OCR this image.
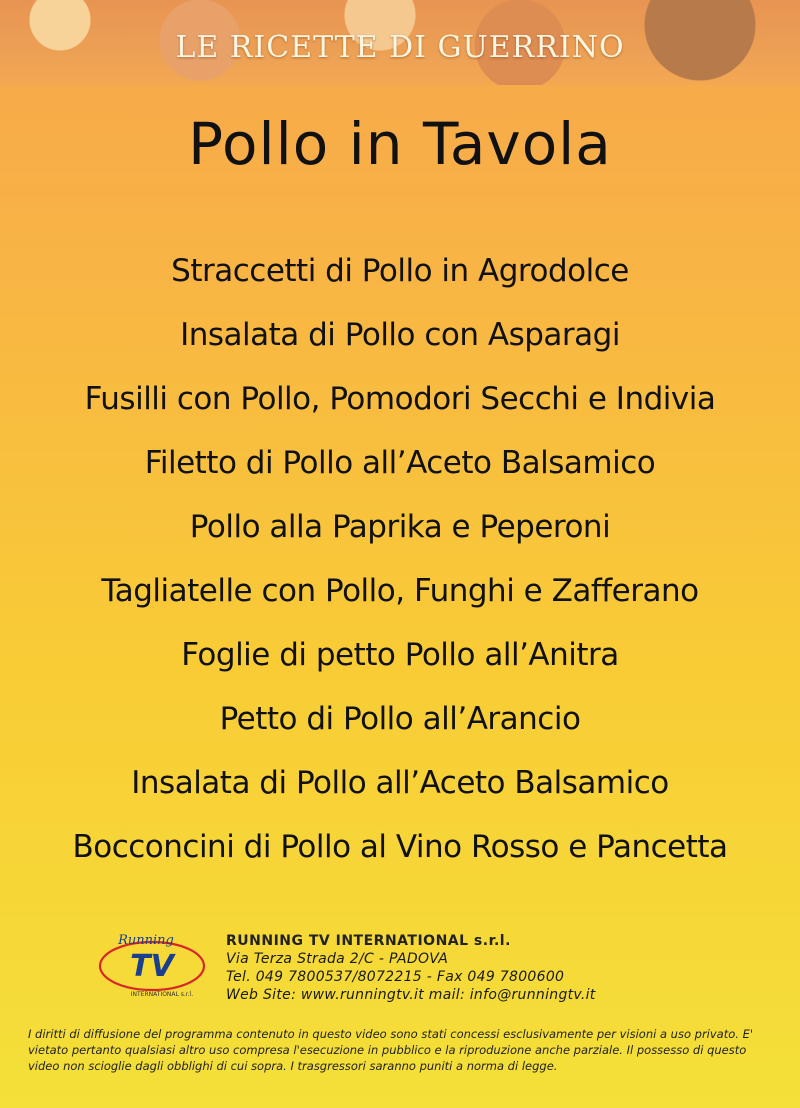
LE RICETTE DI GUERRINO
Pollo in Tavola
Straccetti di Pollo in Agrodolce
Insalata di Pollo con Asparagi
Fusilli con Pollo, Pomodori Secchi e Indivia
Filetto di Pollo all’Aceto Balsamico
Pollo alla Paprika e Peperoni
Tagliatelle con Pollo, Funghi e Zafferano
Foglie di petto Pollo all’Anitra
Petto di Pollo all’Arancio
Insalata di Pollo all’Aceto Balsamico
Bocconcini di Pollo al Vino Rosso e Pancetta
Running
TV
INTERNATIONAL s.r.l.
RUNNING TV INTERNATIONAL s.r.l.
Via Terza Strada 2/C - PADOVA
Tel. 049 7800537/8072215 - Fax 049 7800600
Web Site: www.runningtv.it mail: info@runningtv.it
I diritti di diffusione del programma contenuto in questo video sono stati concessi esclusivamente per visioni a uso privato. E' vietato pertanto qualsiasi altro uso compresa l'esecuzione in pubblico e la riproduzione anche parziale. Il possesso di questo video non scioglie dagli obblighi di cui sopra. I trasgressori saranno puniti a norma di legge.
